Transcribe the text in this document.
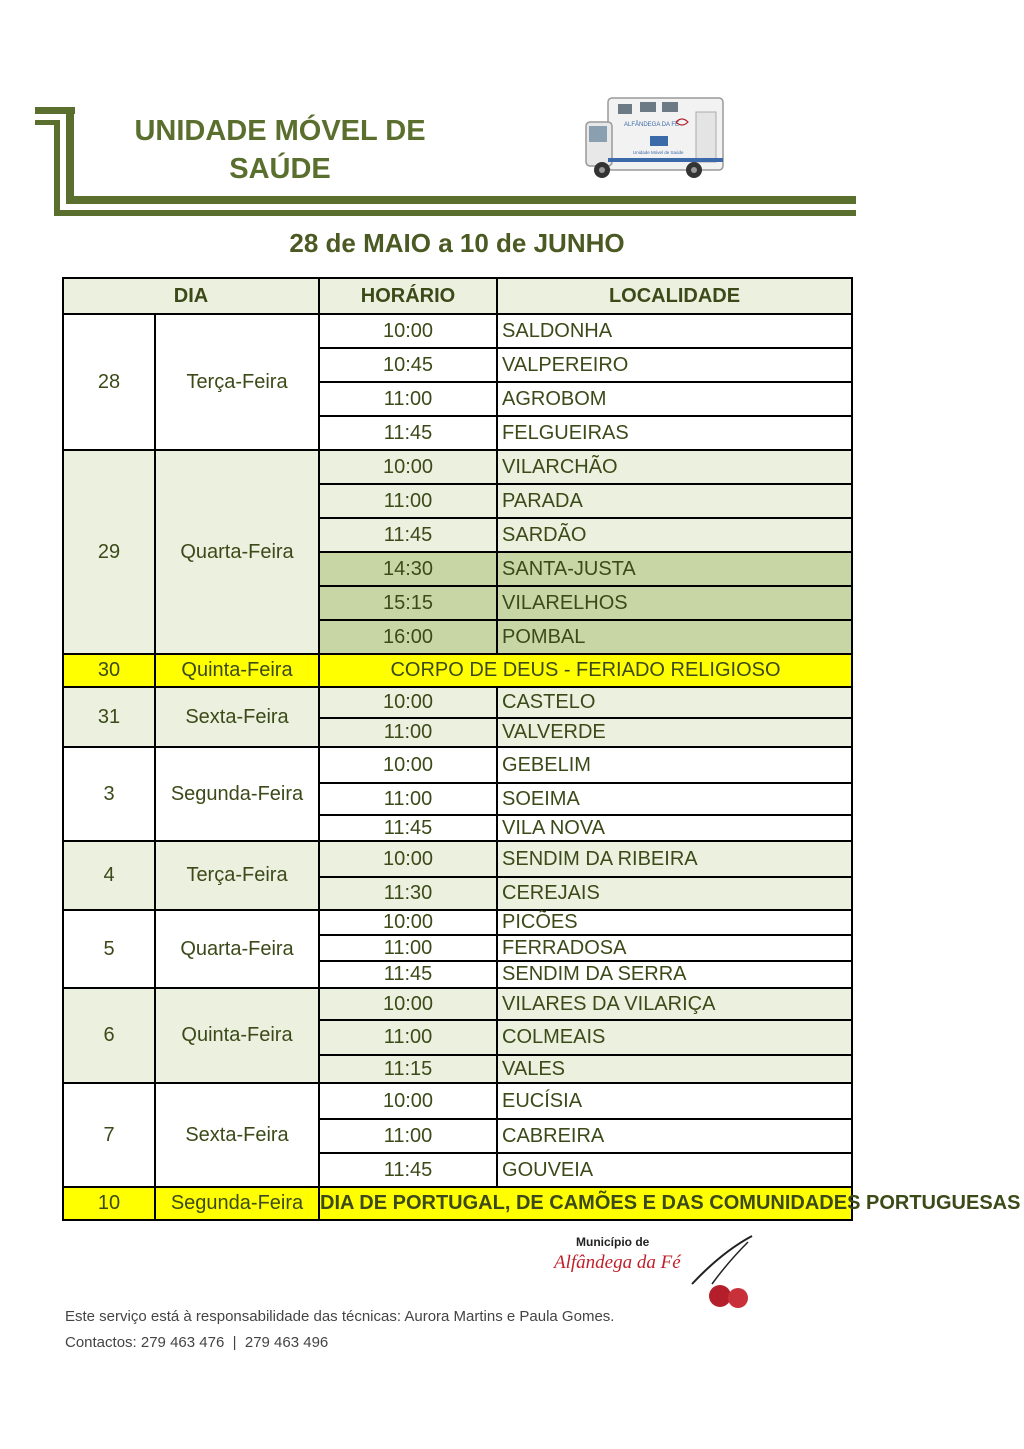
UNIDADE MÓVEL DE
SAÚDE
ALFÂNDEGA DA FÉ
Unidade Móvel de Saúde
28 de MAIO a 10 de JUNHO
DIA		HORÁRIO	LOCALIDADE
28	Terça-Feira	10:00	SALDONHA
		10:45	VALPEREIRO
		11:00	AGROBOM
		11:45	FELGUEIRAS
29	Quarta-Feira	10:00	VILARCHÃO
		11:00	PARADA
		11:45	SARDÃO
		14:30	SANTA-JUSTA
		15:15	VILARELHOS
		16:00	POMBAL
30	Quinta-Feira	CORPO DE DEUS - FERIADO RELIGIOSO	
31	Sexta-Feira	10:00	CASTELO
		11:00	VALVERDE
3	Segunda-Feira	10:00	GEBELIM
		11:00	SOEIMA
		11:45	VILA NOVA
4	Terça-Feira	10:00	SENDIM DA RIBEIRA
		11:30	CEREJAIS
5	Quarta-Feira	10:00	PICÕES
		11:00	FERRADOSA
		11:45	SENDIM DA SERRA
6	Quinta-Feira	10:00	VILARES DA VILARIÇA
		11:00	COLMEAIS
		11:15	VALES
7	Sexta-Feira	10:00	EUCÍSIA
		11:00	CABREIRA
		11:45	GOUVEIA
10	Segunda-Feira	DIA DE PORTUGAL, DE CAMÕES E DAS COMUNIDADES PORTUGUESAS	
Município de
Alfândega da Fé
Este serviço está à responsabilidade das técnicas: Aurora Martins e Paula Gomes.
Contactos: 279 463 476  |  279 463 496
